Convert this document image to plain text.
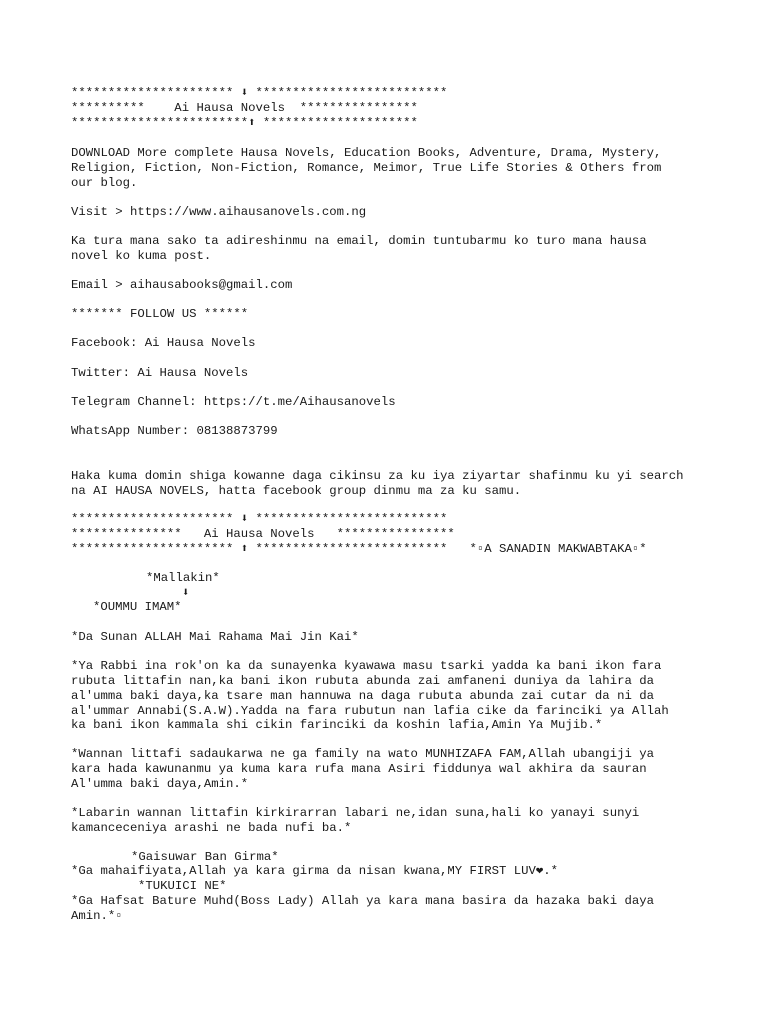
********************** ⬇ **************************
**********    Ai Hausa Novels  ****************
************************⬆ *********************
DOWNLOAD More complete Hausa Novels, Education Books, Adventure, Drama, Mystery,
Religion, Fiction, Non-Fiction, Romance, Meimor, True Life Stories & Others from
our blog.
Visit > https://www.aihausanovels.com.ng
Ka tura mana sako ta adireshinmu na email, domin tuntubarmu ko turo mana hausa
novel ko kuma post.
Email > aihausabooks@gmail.com
******* FOLLOW US ******
Facebook: Ai Hausa Novels
Twitter: Ai Hausa Novels
Telegram Channel: https://t.me/Aihausanovels
WhatsApp Number: 08138873799
Haka kuma domin shiga kowanne daga cikinsu za ku iya ziyartar shafinmu ku yi search
na AI HAUSA NOVELS, hatta facebook group dinmu ma za ku samu.
********************** ⬇ **************************
***************   Ai Hausa Novels   ****************
********************** ⬆ **************************   *▫A SANADIN MAKWABTAKA▫*
*Mallakin*
⬇
*OUMMU IMAM*
*Da Sunan ALLAH Mai Rahama Mai Jin Kai*
*Ya Rabbi ina rok'on ka da sunayenka kyawawa masu tsarki yadda ka bani ikon fara
rubuta littafin nan,ka bani ikon rubuta abunda zai amfaneni duniya da lahira da
al'umma baki daya,ka tsare man hannuwa na daga rubuta abunda zai cutar da ni da
al'ummar Annabi(S.A.W).Yadda na fara rubutun nan lafia cike da farinciki ya Allah
ka bani ikon kammala shi cikin farinciki da koshin lafia,Amin Ya Mujib.*
*Wannan littafi sadaukarwa ne ga family na wato MUNHIZAFA FAM,Allah ubangiji ya
kara hada kawunanmu ya kuma kara rufa mana Asiri fiddunya wal akhira da sauran
Al'umma baki daya,Amin.*
*Labarin wannan littafin kirkirarran labari ne,idan suna,hali ko yanayi sunyi
kamanceceniya arashi ne bada nufi ba.*
*Gaisuwar Ban Girma*
*Ga mahaifiyata,Allah ya kara girma da nisan kwana,MY FIRST LUV❤.*
*TUKUICI NE*
*Ga Hafsat Bature Muhd(Boss Lady) Allah ya kara mana basira da hazaka baki daya
Amin.*▫
